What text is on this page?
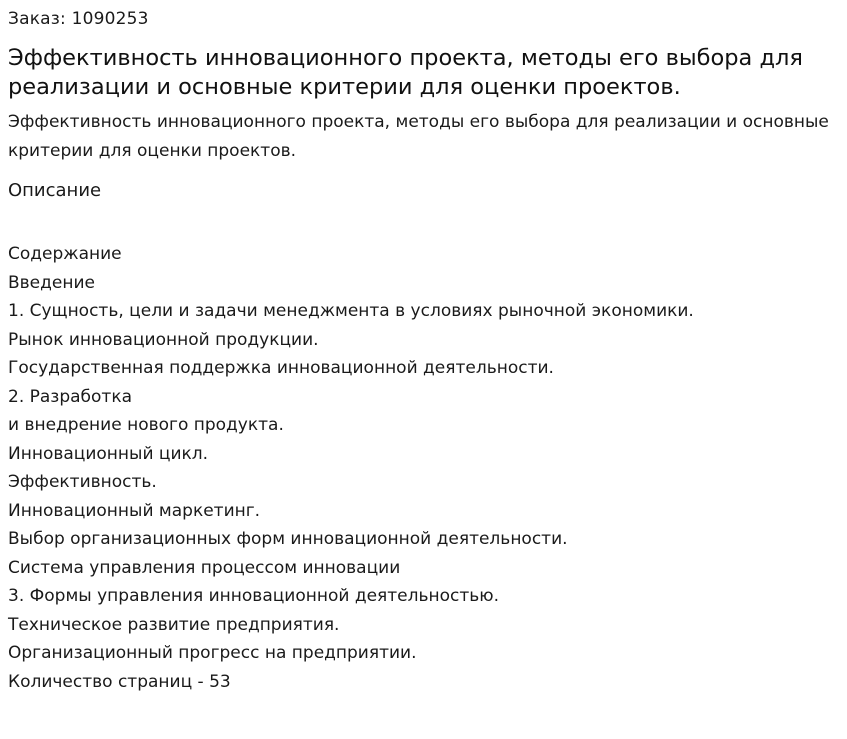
Заказ: 1090253
Эффективность инновационного проекта, методы его выбора для реализации и основные критерии для оценки проектов.
Эффективность инновационного проекта, методы его выбора для реализации и основные критерии для оценки проектов.
Описание
Содержание
Введение
1. Сущность, цели и задачи менеджмента в условиях рыночной экономики.
Рынок инновационной продукции.
Государственная поддержка инновационной деятельности.
2. Разработка
и внедрение нового продукта.
Инновационный цикл.
Эффективность.
Инновационный маркетинг.
Выбор организационных форм инновационной деятельности.
Система управления процессом инновации
3. Формы управления инновационной деятельностью.
Техническое развитие предприятия.
Организационный прогресс на предприятии.
Количество страниц - 53
